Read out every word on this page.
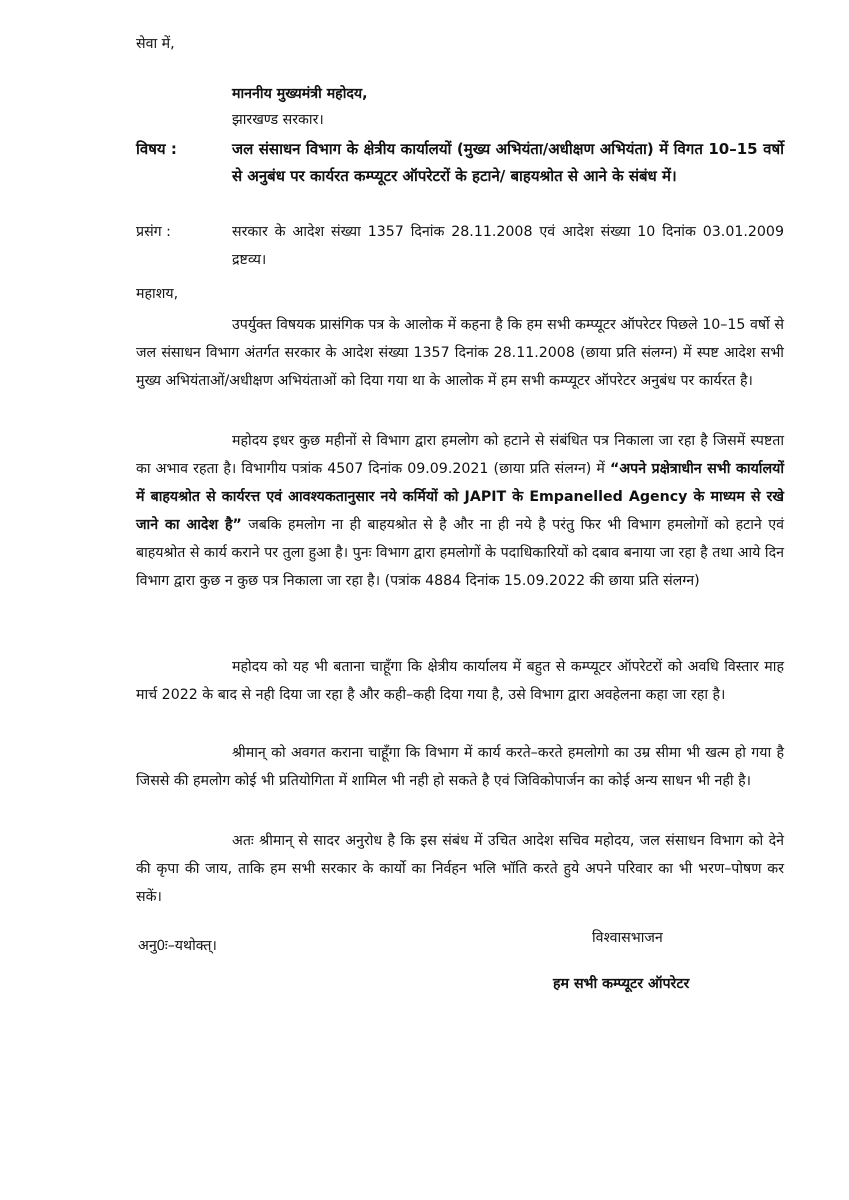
सेवा में,
माननीय मुख्यमंत्री महोदय,
झारखण्ड सरकार।
विषय :	जल संसाधन विभाग के क्षेत्रीय कार्यालयों (मुख्य अभियंता/अधीक्षण अभियंता) में विगत 10–15 वर्षो से अनुबंध पर कार्यरत कम्प्यूटर ऑपरेटरों के हटाने/ बाहयश्रोत से आने के संबंध में।
प्रसंग :	सरकार के आदेश संख्या 1357 दिनांक 28.11.2008 एवं आदेश संख्या 10 दिनांक 03.01.2009 द्रष्टव्य।
महाशय,
उपर्युक्त विषयक प्रासंगिक पत्र के आलोक में कहना है कि हम सभी कम्प्यूटर ऑपरेटर पिछले 10–15 वर्षो से जल संसाधन विभाग अंतर्गत सरकार के आदेश संख्या 1357 दिनांक 28.11.2008 (छाया प्रति संलग्न) में स्पष्ट आदेश सभी मुख्य अभियंताओं/अधीक्षण अभियंताओं को दिया गया था के आलोक में हम सभी कम्प्यूटर ऑपरेटर अनुबंध पर कार्यरत है।
महोदय इधर कुछ महीनों से विभाग द्वारा हमलोग को हटाने से संबंधित पत्र निकाला जा रहा है जिसमें स्पष्टता का अभाव रहता है। विभागीय पत्रांक 4507 दिनांक 09.09.2021 (छाया प्रति संलग्न) में “अपने प्रक्षेत्राधीन सभी कार्यालयों में बाहयश्रोत से कार्यरत्त एवं आवश्यकतानुसार नये कर्मियों को JAPIT के Empanelled Agency के माध्यम से रखे जाने का आदेश है” जबकि हमलोग ना ही बाहयश्रोत से है और ना ही नये है परंतु फिर भी विभाग हमलोगों को हटाने एवं बाहयश्रोत से कार्य कराने पर तुला हुआ है। पुनः विभाग द्वारा हमलोगों के पदाधिकारियों को दबाव बनाया जा रहा है तथा आये दिन विभाग द्वारा कुछ न कुछ पत्र निकाला जा रहा है। (पत्रांक 4884 दिनांक 15.09.2022 की छाया प्रति संलग्न)
महोदय को यह भी बताना चाहूँगा कि क्षेत्रीय कार्यालय में बहुत से कम्प्यूटर ऑपरेटरों को अवधि विस्तार माह मार्च 2022 के बाद से नही दिया जा रहा है और कही–कही दिया गया है, उसे विभाग द्वारा अवहेलना कहा जा रहा है।
श्रीमान् को अवगत कराना चाहूँगा कि विभाग में कार्य करते–करते हमलोगो का उम्र सीमा भी खत्म हो गया है जिससे की हमलोग कोई भी प्रतियोगिता में शामिल भी नही हो सकते है एवं जिविकोपार्जन का कोई अन्य साधन भी नही है।
अतः श्रीमान् से सादर अनुरोध है कि इस संबंध में उचित आदेश सचिव महोदय, जल संसाधन विभाग को देने की कृपा की जाय, ताकि हम सभी सरकार के कार्यो का निर्वहन भलि भॉति करते हुये अपने परिवार का भी भरण–पोषण कर सकें।
अनु0ः–यथोक्त्।	विश्वासभाजन
हम सभी कम्प्यूटर ऑपरेटर
